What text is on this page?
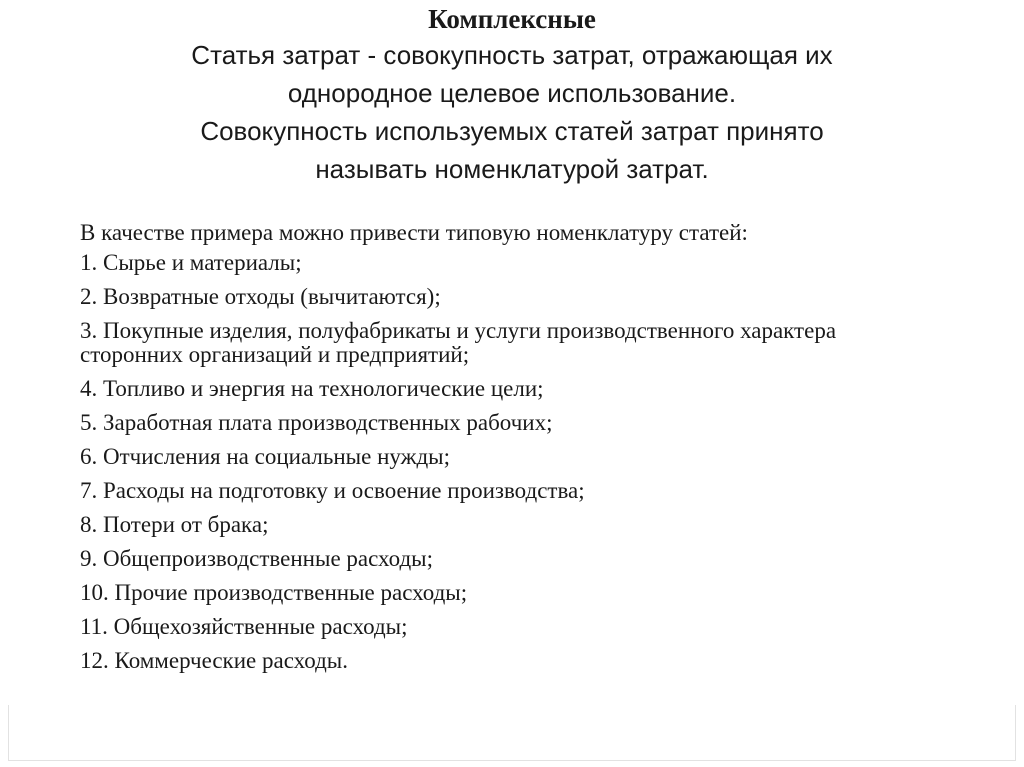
Комплексные
Статья затрат - совокупность затрат, отражающая их
однородное целевое использование.
Совокупность используемых статей затрат принято
называть номенклатурой затрат.
В качестве примера можно привести типовую номенклатуру статей:
1. Сырье и материалы;
2. Возвратные отходы (вычитаются);
3. Покупные изделия, полуфабрикаты и услуги производственного характера сторонних организаций и предприятий;
4. Топливо и энергия на технологические цели;
5. Заработная плата производственных рабочих;
6. Отчисления на социальные нужды;
7. Расходы на подготовку и освоение производства;
8. Потери от брака;
9. Общепроизводственные расходы;
10. Прочие производственные расходы;
11. Общехозяйственные расходы;
12. Коммерческие расходы.
